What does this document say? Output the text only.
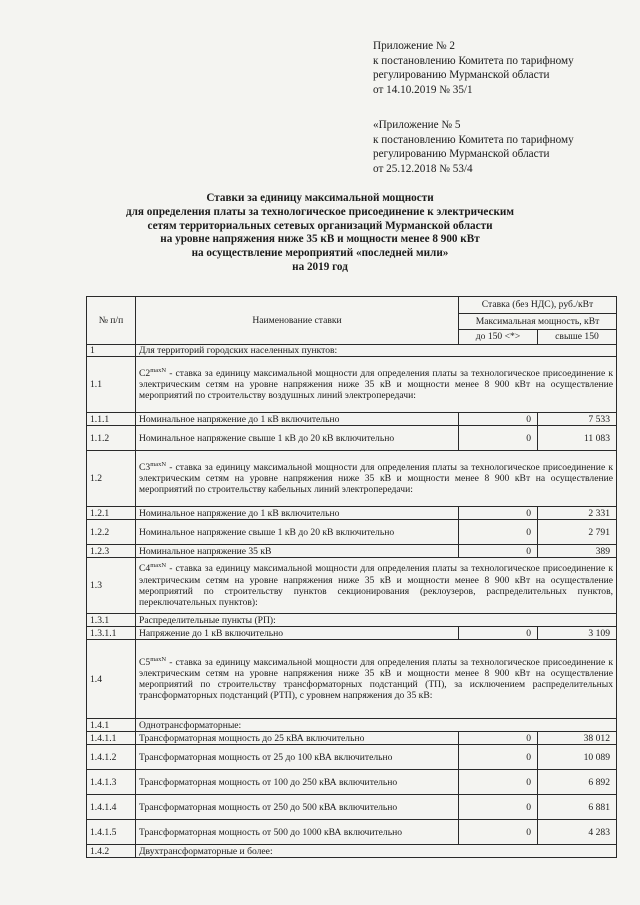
Приложение № 2
к постановлению Комитета по тарифному
регулированию Мурманской области
от 14.10.2019 № 35/1
«Приложение № 5
к постановлению Комитета по тарифному
регулированию Мурманской области
от 25.12.2018 № 53/4
Ставки за единицу максимальной мощности
для определения платы за технологическое присоединение к электрическим
сетям территориальных сетевых организаций Мурманской области
на уровне напряжения ниже 35 кВ и мощности менее 8 900 кВт
на осуществление мероприятий «последней мили»
на 2019 год
№ п/п	Наименование ставки	Ставка (без НДС), руб./кВт	
		Максимальная мощность, кВт	
		до 150 <*>	свыше 150
1	Для территорий городских населенных пунктов:		
1.1	$C2^{maxN}$ - ставка за единицу максимальной мощности для определения платы за технологическое присоединение к электрическим сетям на уровне напряжения ниже 35 кВ и мощности менее 8 900 кВт на осуществление мероприятий по строительству воздушных линий электропередачи:		
1.1.1	Номинальное напряжение до 1 кВ включительно	0	7 533
1.1.2	Номинальное напряжение свыше 1 кВ до 20 кВ включительно	0	11 083
1.2	$C3^{maxN}$ - ставка за единицу максимальной мощности для определения платы за технологическое присоединение к электрическим сетям на уровне напряжения ниже 35 кВ и мощности менее 8 900 кВт на осуществление мероприятий по строительству кабельных линий электропередачи:		
1.2.1	Номинальное напряжение до 1 кВ включительно	0	2 331
1.2.2	Номинальное напряжение свыше 1 кВ до 20 кВ включительно	0	2 791
1.2.3	Номинальное напряжение 35 кВ	0	389
1.3	$C4^{maxN}$ - ставка за единицу максимальной мощности для определения платы за технологическое присоединение к электрическим сетям на уровне напряжения ниже 35 кВ и мощности менее 8 900 кВт на осуществление мероприятий по строительству пунктов секционирования (реклоузеров, распределительных пунктов, переключательных пунктов):		
1.3.1	Распределительные пункты (РП):		
1.3.1.1	Напряжение до 1 кВ включительно	0	3 109
1.4	$C5^{maxN}$ - ставка за единицу максимальной мощности для определения платы за технологическое присоединение к электрическим сетям на уровне напряжения ниже 35 кВ и мощности менее 8 900 кВт на осуществление мероприятий по строительству трансформаторных подстанций (ТП), за исключением распределительных трансформаторных подстанций (РТП), с уровнем напряжения до 35 кВ:		
1.4.1	Однотрансформаторные:		
1.4.1.1	Трансформаторная мощность до 25 кВА включительно	0	38 012
1.4.1.2	Трансформаторная мощность от 25 до 100 кВА включительно	0	10 089
1.4.1.3	Трансформаторная мощность от 100 до 250 кВА включительно	0	6 892
1.4.1.4	Трансформаторная мощность от 250 до 500 кВА включительно	0	6 881
1.4.1.5	Трансформаторная мощность от 500 до 1000 кВА включительно	0	4 283
1.4.2	Двухтрансформаторные и более:		
